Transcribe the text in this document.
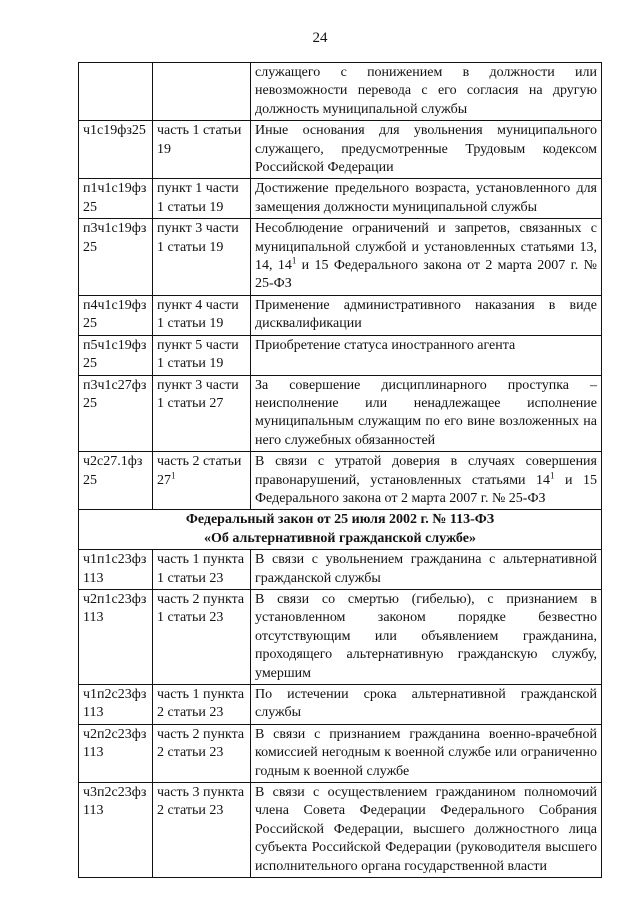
24
		служащего с понижением в должности или невозможности перевода с его согласия на другую должность муниципальной службы
ч1с19фз25	часть 1 статьи 19	Иные основания для увольнения муниципального служащего, предусмотренные Трудовым кодексом Российской Федерации
п1ч1с19фз 25	пункт 1 части 1 статьи 19	Достижение предельного возраста, установленного для замещения должности муниципальной службы
п3ч1с19фз 25	пункт 3 части 1 статьи 19	Несоблюдение ограничений и запретов, связанных с муниципальной службой и установленных статьями 13, 14, $14^1$ и 15 Федерального закона от 2 марта 2007 г. № 25-ФЗ
п4ч1с19фз 25	пункт 4 части 1 статьи 19	Применение административного наказания в виде дисквалификации
п5ч1с19фз 25	пункт 5 части 1 статьи 19	Приобретение статуса иностранного агента
п3ч1с27фз 25	пункт 3 части 1 статьи 27	За совершение дисциплинарного проступка – неисполнение или ненадлежащее исполнение муниципальным служащим по его вине возложенных на него служебных обязанностей
ч2с27.1фз 25	часть 2 статьи $27^1$	В связи с утратой доверия в случаях совершения правонарушений, установленных статьями $14^1$ и 15 Федерального закона от 2 марта 2007 г. № 25-ФЗ

Федеральный закон от 25 июля 2002 г. № 113-ФЗ
«Об альтернативной гражданской службе»		

ч1п1с23фз 113	часть 1 пункта 1 статьи 23	В связи с увольнением гражданина с альтернативной гражданской службы
ч2п1с23фз 113	часть 2 пункта 1 статьи 23	В связи со смертью (гибелью), с признанием в установленном законом порядке безвестно отсутствующим или объявлением гражданина, проходящего альтернативную гражданскую службу, умершим
ч1п2с23фз 113	часть 1 пункта 2 статьи 23	По истечении срока альтернативной гражданской службы
ч2п2с23фз 113	часть 2 пункта 2 статьи 23	В связи с признанием гражданина военно-врачебной комиссией негодным к военной службе или ограниченно годным к военной службе
ч3п2с23фз 113	часть 3 пункта 2 статьи 23	В связи с осуществлением гражданином полномочий члена Совета Федерации Федерального Собрания Российской Федерации, высшего должностного лица субъекта Российской Федерации (руководителя высшего исполнительного органа государственной власти
